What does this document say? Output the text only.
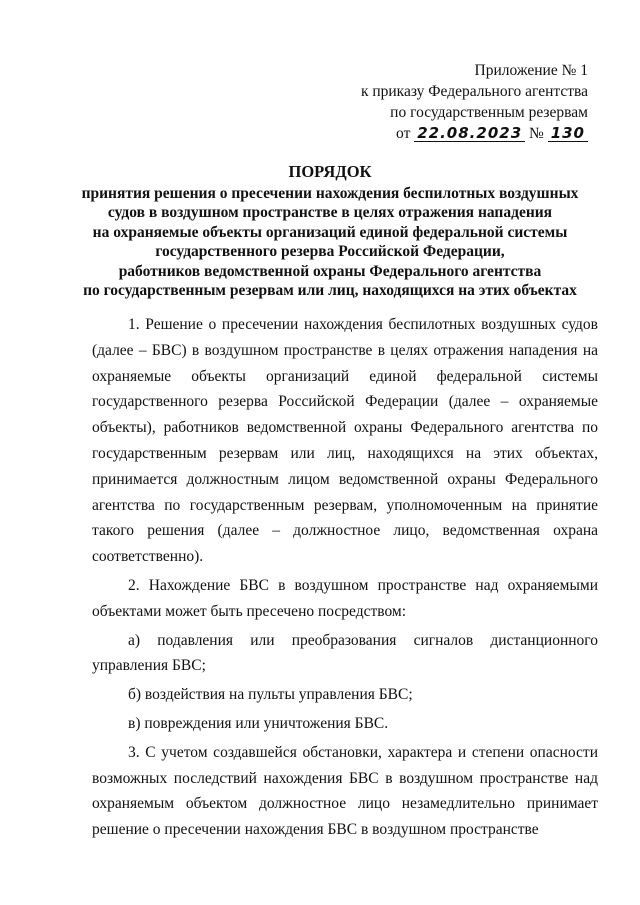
Приложение № 1
к приказу Федерального агентства
по государственным резервам
от 22.08.2023 № 130
ПОРЯДОК
принятия решения о пресечении нахождения беспилотных воздушных
судов в воздушном пространстве в целях отражения нападения
на охраняемые объекты организаций единой федеральной системы
государственного резерва Российской Федерации,
работников ведомственной охраны Федерального агентства
по государственным резервам или лиц, находящихся на этих объектах

1. Решение о пресечении нахождения беспилотных воздушных судов (далее – БВС) в воздушном пространстве в целях отражения нападения на охраняемые объекты организаций единой федеральной системы государственного резерва Российской Федерации (далее – охраняемые объекты), работников ведомственной охраны Федерального агентства по государственным резервам или лиц, находящихся на этих объектах, принимается должностным лицом ведомственной охраны Федерального агентства по государственным резервам, уполномоченным на принятие такого решения (далее – должностное лицо, ведомственная охрана соответственно).

2. Нахождение БВС в воздушном пространстве над охраняемыми объектами может быть пресечено посредством:

а) подавления или преобразования сигналов дистанционного управления БВС;

б) воздействия на пульты управления БВС;

в) повреждения или уничтожения БВС.

3. С учетом создавшейся обстановки, характера и степени опасности возможных последствий нахождения БВС в воздушном пространстве над охраняемым объектом должностное лицо незамедлительно принимает решение о пресечении нахождения БВС в воздушном пространстве
